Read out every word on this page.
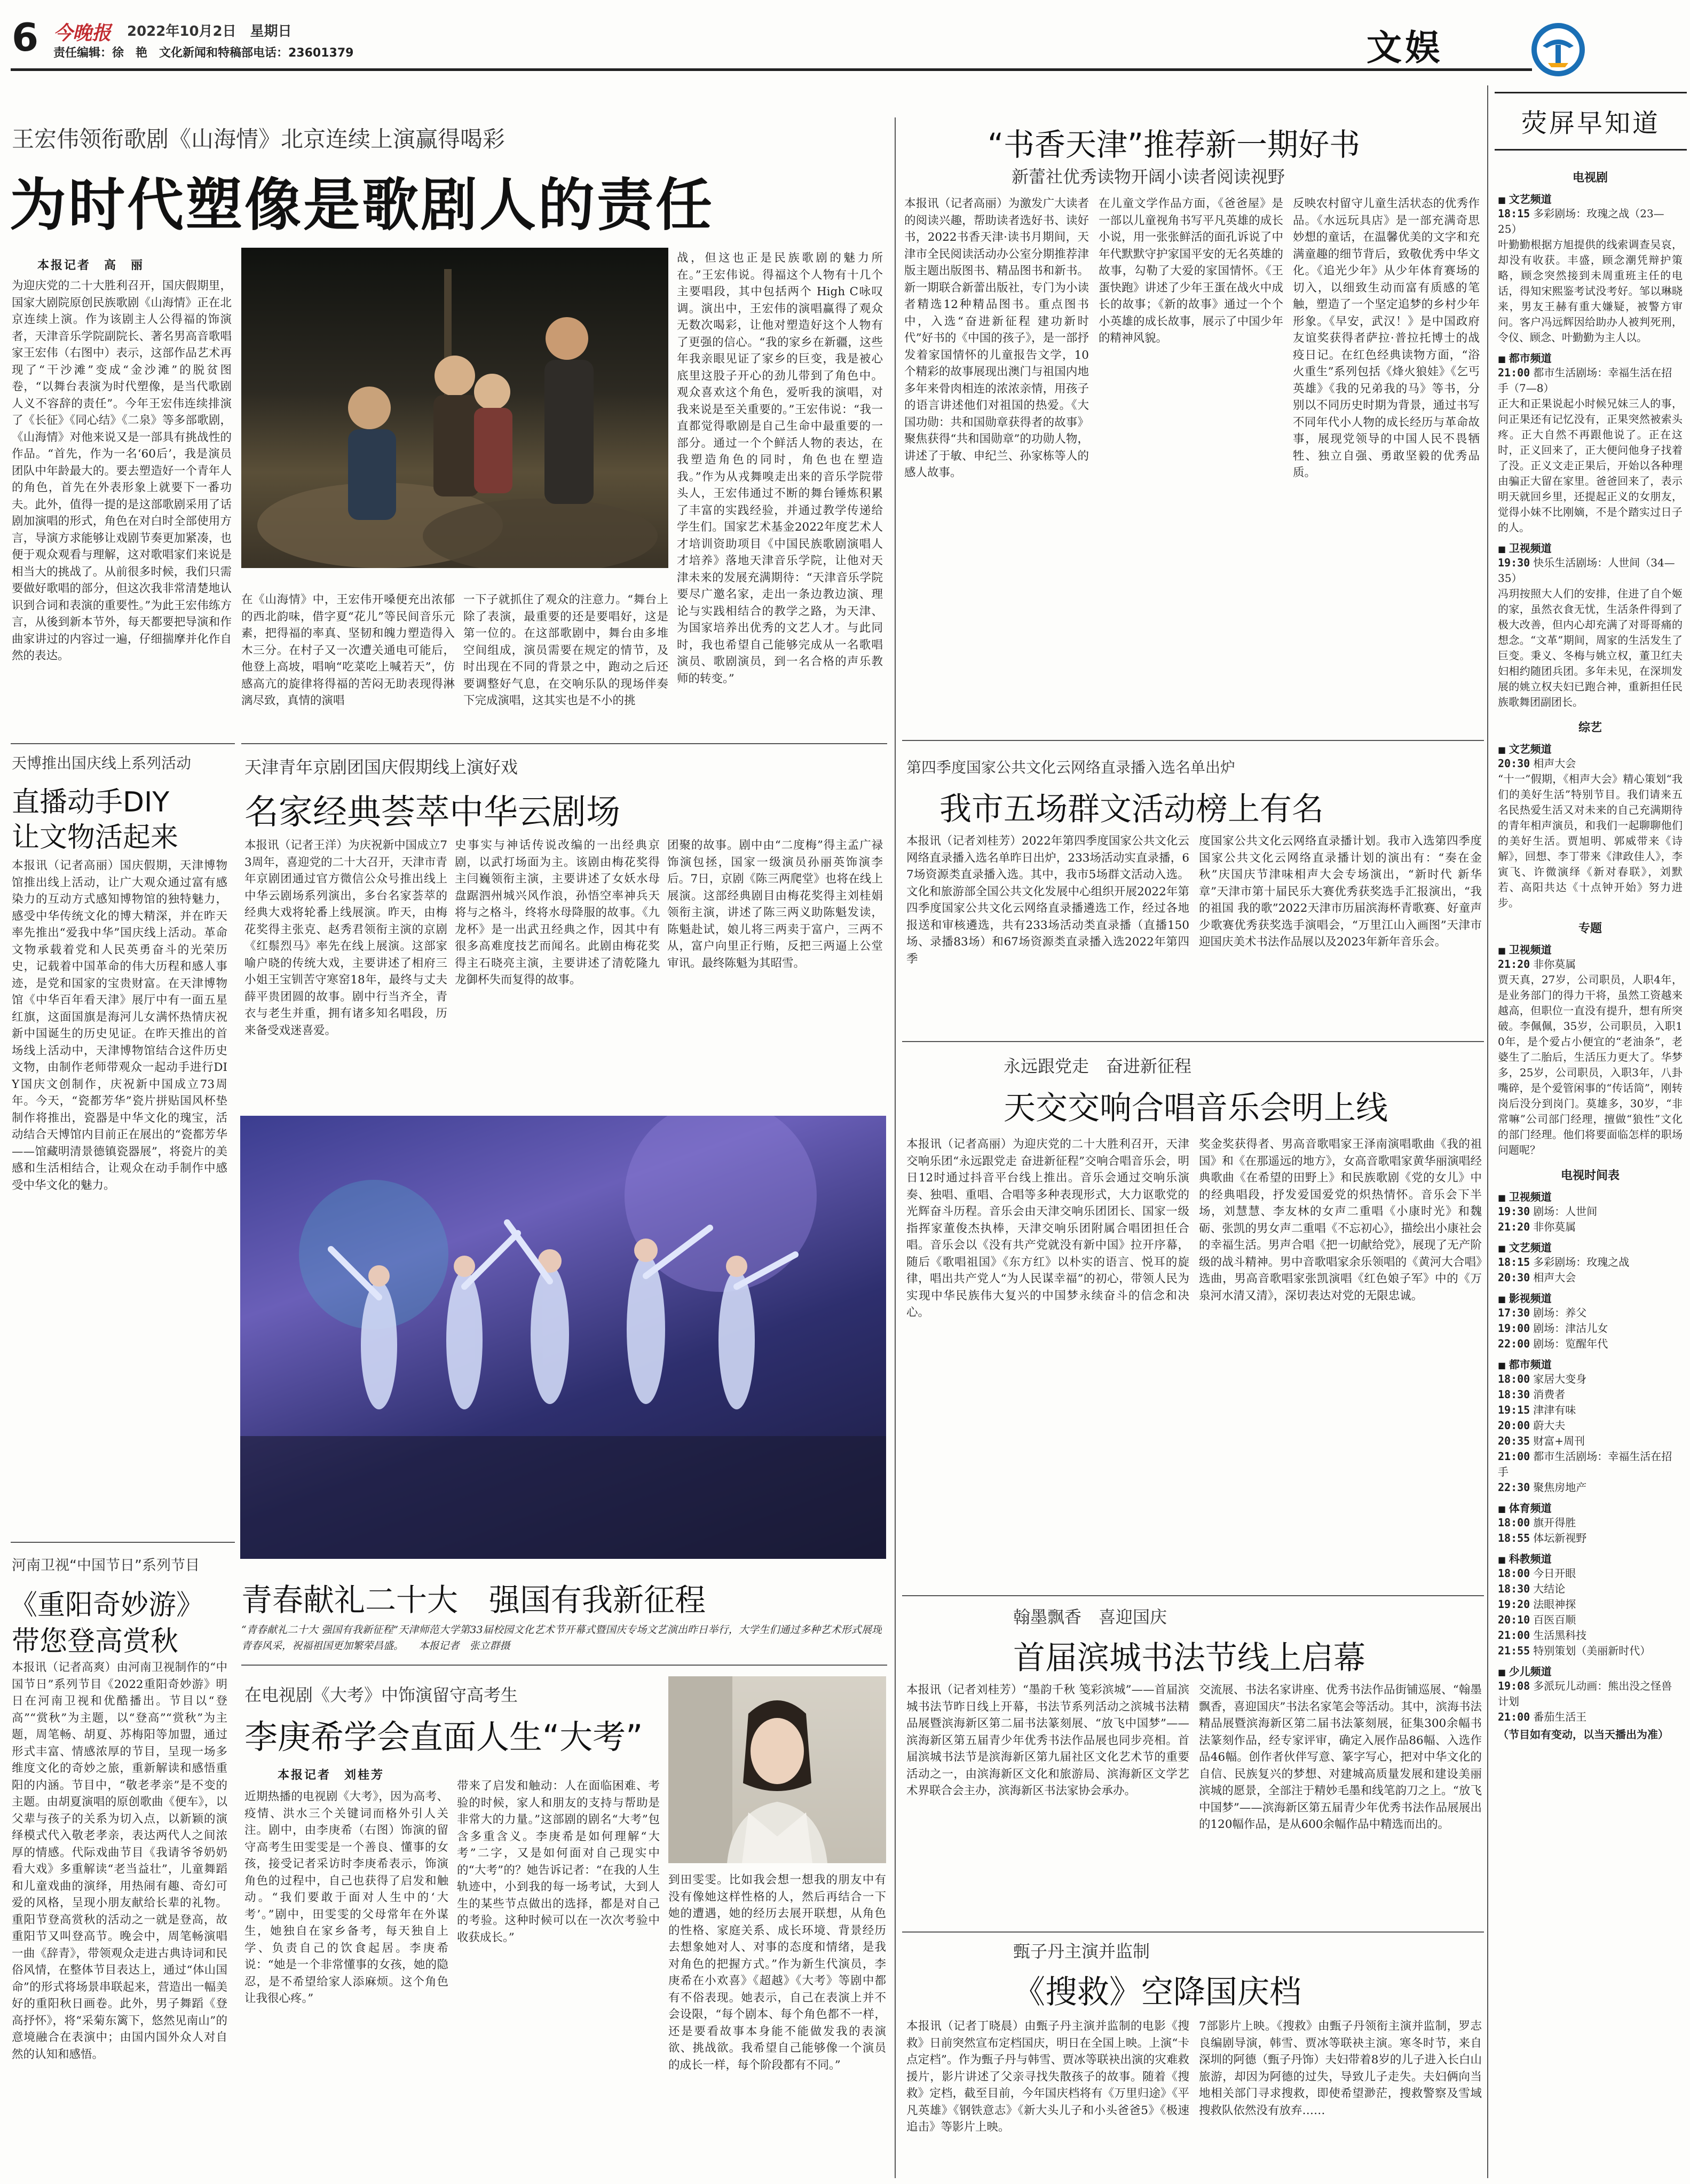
6 今晚报 2022年10月2日　星期日
责任编辑：徐　艳　文化新闻和特稿部电话：23601379	文娱
荧屏早知道
王宏伟领衔歌剧《山海情》北京连续上演赢得喝彩
为时代塑像是歌剧人的责任
本报记者　高　丽
为迎庆党的二十大胜利召开，国庆假期里，国家大剧院原创民族歌剧《山海情》正在北京连续上演。作为该剧主人公得福的饰演者，天津音乐学院副院长、著名男高音歌唱家王宏伟（右图中）表示，这部作品艺术再现了“干沙滩”变成“金沙滩”的脱贫图卷，“以舞台表演为时代塑像，是当代歌剧人义不容辞的责任”。今年王宏伟连续排演了《长征》《同心结》《二泉》等多部歌剧，《山海情》对他来说又是一部具有挑战性的作品。“首先，作为一名‘60后’，我是演员团队中年龄最大的。要去塑造好一个青年人的角色，首先在外表形象上就要下一番功夫。此外，值得一提的是这部歌剧采用了话剧加演唱的形式，角色在对白时全部使用方言，导演方求能够让戏剧节奏更加紧凑，也便于观众观看与理解，这对歌唱家们来说是相当大的挑战了。从前很多时候，我们只需要做好歌唱的部分，但这次我非常清楚地认识到合词和表演的重要性。”为此王宏伟练方言，从後到新本节外，每天都要把导演和作曲家讲过的内容过一遍，仔细揣摩并化作自然的表达。
在《山海情》中，王宏伟开嗓便充出浓郁的西北韵味，借字夏“花儿”等民间音乐元素，把得福的率真、坚韧和魄力塑造得入木三分。在村子又一次遭关通电可能后，他登上高坡，唱响“吃菜吃上喊若天”，仿感高亢的旋律将得福的苦闷无助表现得淋漓尽致，真情的演唱
一下子就抓住了观众的注意力。“舞台上除了表演，最重要的还是要唱好，这是第一位的。在这部歌剧中，舞台由多堆空间组成，演员需要在规定的情节，及时出现在不同的背景之中，跑动之后还要调整好气息，在交响乐队的现场伴奏下完成演唱，这其实也是不小的挑
战，但这也正是民族歌剧的魅力所在。”王宏伟说。得福这个人物有十几个主要唱段，其中包括两个 High C咏叹调。演出中，王宏伟的演唱赢得了观众无数次喝彩，让他对塑造好这个人物有了更强的信心。“我的家乡在新疆，这些年我亲眼见证了家乡的巨变，我是被心底里这股子开心的劲儿带到了角色中。观众喜欢这个角色，爱听我的演唱，对我来说是至关重要的。”王宏伟说：“我一直都觉得歌剧是自己生命中最重要的一部分。通过一个个鲜活人物的表达，在我塑造角色的同时，角色也在塑造我。”作为从戎舞嗅走出来的音乐学院带头人，王宏伟通过不断的舞台锤炼积累了丰富的实践经验，并通过教学传递给学生们。国家艺术基金2022年度艺术人才培训资助项目《中国民族歌剧演唱人才培养》落地天津音乐学院，让他对天津未来的发展充满期待：“天津音乐学院要尽广邀名家，走出一条边教边演、理论与实践相结合的教学之路，为天津、为国家培养出优秀的文艺人才。与此同时，我也希望自己能够完成从一名歌唱演员、歌剧演员，到一名合格的声乐教师的转变。”
“书香天津”推荐新一期好书
新蕾社优秀读物开阔小读者阅读视野
本报讯（记者高丽）为激发广大读者的阅读兴趣，帮助读者选好书、读好书，2022书香天津·读书月期间，天津市全民阅读活动办公室分期推荐津版主题出版图书、精品图书和新书。新一期联合新蕾出版社，专门为小读者精选12种精品图书。重点图书中，入选“奋进新征程 建功新时代”好书的《中国的孩子》，是一部抒发着家国情怀的儿童报告文学，10个精彩的故事展现出澳门与祖国内地多年来骨肉相连的浓浓亲情，用孩子的语言讲述他们对祖国的热爱。《大国功勋：共和国勋章获得者的故事》聚焦获得“共和国勋章”的功勋人物，讲述了于敏、申纪兰、孙家栋等人的感人故事。
在儿童文学作品方面，《爸爸屋》是一部以儿童视角书写平凡英雄的成长小说，用一张张鲜活的面孔诉说了中年代默默守护家国平安的无名英雄的故事，勾勒了大爱的家国情怀。《王蛋快跑》讲述了少年王蛋在战火中成长的故事；《新的故事》通过一个个小英雄的成长故事，展示了中国少年的精神风貌。
反映农村留守儿童生活状态的优秀作品。《水远玩具店》是一部充满奇思妙想的童话，在温馨优美的文字和充满童趣的细节背后，致敬优秀中华文化。《追光少年》从少年体育赛场的切入，以细致生动而富有质感的笔触，塑造了一个坚定追梦的乡村少年形象。《早安，武汉！》是中国政府友谊奖获得者萨拉·普拉托博士的战疫日记。在红色经典读物方面，“浴火重生”系列包括《烽火狼娃》《乞丐英雄》《我的兄弟我的马》等书，分别以不同历史时期为背景，通过书写不同年代小人物的成长经历与革命故事，展现党领导的中国人民不畏牺牲、独立自强、勇敢坚毅的优秀品质。
天博推出国庆线上系列活动
直播动手DIY
让文物活起来
本报讯（记者高丽）国庆假期，天津博物馆推出线上活动，让广大观众通过富有感染力的互动方式感知博物馆的独特魅力，感受中华传统文化的博大精深，并在昨天率先推出“爱我中华”国庆线上活动。革命文物承载着党和人民英勇奋斗的光荣历史，记载着中国革命的伟大历程和感人事迹，是党和国家的宝贵财富。在天津博物馆《中华百年看天津》展厅中有一面五星红旗，这面国旗是海河儿女满怀热情庆祝新中国诞生的历史见证。在昨天推出的首场线上活动中，天津博物馆结合这件历史文物，由制作老师带观众一起动手进行DIY国庆文创制作，庆祝新中国成立73周年。今天，“瓷都芳华”瓷片拼贴国风杯垫制作将推出，瓷器是中华文化的瑰宝，活动结合天博馆内目前正在展出的“瓷都芳华——馆藏明清景德镇瓷器展”，将瓷片的美感和生活相结合，让观众在动手制作中感受中华文化的魅力。
天津青年京剧团国庆假期线上演好戏
名家经典荟萃中华云剧场
本报讯（记者王洋）为庆祝新中国成立73周年，喜迎党的二十大召开，天津市青年京剧团通过官方微信公众号推出线上中华云剧场系列演出，多台名家荟萃的经典大戏将轮番上线展演。昨天，由梅花奖得主张克、赵秀君领衔主演的京剧《红鬃烈马》率先在线上展演。这部家喻户晓的传统大戏，主要讲述了相府三小姐王宝钏苦守寒窑18年，最终与丈夫薛平贵团圆的故事。剧中行当齐全，青衣与老生并重，拥有诸多知名唱段，历来备受戏迷喜爱。
史事实与神话传说改编的一出经典京剧，以武打场面为主。该剧由梅花奖得主闫巍领衔主演，主要讲述了女妖水母盘踞泗州城兴风作浪，孙悟空率神兵天将与之格斗，终将水母降服的故事。《九龙杯》是一出武丑经典之作，因其中有很多高难度技艺而闻名。此剧由梅花奖得主石晓亮主演，主要讲述了清乾隆九龙御杯失而复得的故事。
团聚的故事。剧中由“二度梅”得主孟广禄饰演包拯，国家一级演员孙丽英饰演李后。7日，京剧《陈三两爬堂》也将在线上展演。这部经典剧目由梅花奖得主刘桂娟领衔主演，讲述了陈三两义助陈魁发读，陈魁赴试，娘儿将三两卖于富户，三两不从，富户向里正行贿，反把三两逼上公堂审讯。最终陈魁为其昭雪。
青春献礼二十大　强国有我新征程
“青春献礼二十大 强国有我新征程”天津师范大学第33届校园文化艺术节开幕式暨国庆专场文艺演出昨日举行，大学生们通过多种艺术形式展现青春风采，祝福祖国更加繁荣昌盛。　　本报记者　张立群摄
第四季度国家公共文化云网络直录播入选名单出炉
我市五场群文活动榜上有名
本报讯（记者刘桂芳）2022年第四季度国家公共文化云网络直录播入选名单昨日出炉，233场活动实直录播，67场资源类直录播入选。其中，我市5场群文活动入选。文化和旅游部全国公共文化发展中心组织开展2022年第四季度国家公共文化云网络直录播遴选工作，经过各地报送和审核遴选，共有233场活动类直录播（直播150场、录播83场）和67场资源类直录播入选2022年第四季
度国家公共文化云网络直录播计划。我市入选第四季度国家公共文化云网络直录播计划的演出有：“奏在金秋”庆国庆节津味相声大会专场演出，“新时代 新华章”天津市第十届民乐大赛优秀获奖选手汇报演出，“我的祖国 我的歌”2022天津市历届滨海杯青歌赛、好童声少歌赛优秀获奖选手演唱会，“万里江山入画图”天津市迎国庆美术书法作品展以及2023年新年音乐会。
永远跟党走　奋进新征程
天交交响合唱音乐会明上线
本报讯（记者高丽）为迎庆党的二十大胜利召开，天津交响乐团“永远跟党走 奋进新征程”交响合唱音乐会，明日12时通过抖音平台线上推出。音乐会通过交响乐演奏、独唱、重唱、合唱等多种表现形式，大力讴歌党的光辉奋斗历程。音乐会由天津交响乐团团长、国家一级指挥家董俊杰执棒，天津交响乐团附属合唱团担任合唱。音乐会以《没有共产党就没有新中国》拉开序幕，随后《歌唱祖国》《东方红》以朴实的语言、悦耳的旋律，唱出共产党人“为人民谋幸福”的初心，带领人民为实现中华民族伟大复兴的中国梦永续奋斗的信念和决心。
奖金奖获得者、男高音歌唱家王泽南演唱歌曲《我的祖国》和《在那遥远的地方》，女高音歌唱家黄华丽演唱经典歌曲《在希望的田野上》和民族歌剧《党的女儿》中的经典唱段，抒发爱国爱党的炽热情怀。音乐会下半场，刘慧慧、李友林的女声二重唱《小康时光》和魏砺、张凯的男女声二重唱《不忘初心》，描绘出小康社会的幸福生活。男声合唱《把一切献给党》，展现了无产阶级的战斗精神。男中音歌唱家余乐领唱的《黄河大合唱》选曲，男高音歌唱家张凯演唱《红色娘子军》中的《万泉河水清又清》，深切表达对党的无限忠诚。
在电视剧《大考》中饰演留守高考生
李庚希学会直面人生“大考”
本报记者　刘桂芳
近期热播的电视剧《大考》，因为高考、疫情、洪水三个关键词而格外引人关注。剧中，由李庚希（右图）饰演的留守高考生田雯雯是一个善良、懂事的女孩，接受记者采访时李庚希表示，饰演角色的过程中，自己也获得了启发和触动。“我们要敢于面对人生中的‘大考’。”剧中，田雯雯的父母常年在外谋生，她独自在家乡备考，每天独自上学、负责自己的饮食起居。李庚希说：“她是一个非常懂事的女孩，她的隐忍，是不希望给家人添麻烦。这个角色让我很心疼。”
带来了启发和触动：人在面临困难、考验的时候，家人和朋友的支持与帮助是非常大的力量。”这部剧的剧名“大考”包含多重含义。李庚希是如何理解“大考”二字，又是如何面对自己现实中的“大考”的？她告诉记者：“在我的人生轨迹中，小到我的每一场考试，大到人生的某些节点做出的选择，都是对自己的考验。这种时候可以在一次次考验中收获成长。”
到田雯雯。比如我会想一想我的朋友中有没有像她这样性格的人，然后再结合一下她的遭遇，她的经历去展开联想，从角色的性格、家庭关系、成长环境、背景经历去想象她对人、对事的态度和情绪，是我对角色的把握方式。”作为新生代演员，李庚希在小欢喜》《超越》《大考》等剧中都有不俗表现。她表示，自己在表演上并不会设限，“每个剧本、每个角色都不一样，还是要看故事本身能不能做发我的表演欲、挑战欲。我希望自己能够像一个演员的成长一样，每个阶段都有不同。”
翰墨飘香　喜迎国庆
首届滨城书法节线上启幕
本报讯（记者刘桂芳）“墨韵千秋 笺彩滨城”——首届滨城书法节昨日线上开幕，书法节系列活动之滨城书法精品展暨滨海新区第二届书法篆刻展、“放飞中国梦”——滨海新区第五届青少年优秀书法作品展也同步亮相。首届滨城书法节是滨海新区第九届社区文化艺术节的重要活动之一，由滨海新区文化和旅游局、滨海新区文学艺术界联合会主办，滨海新区书法家协会承办。
交流展、书法名家讲座、优秀书法作品街铺巡展、“翰墨飘香，喜迎国庆”书法名家笔会等活动。其中，滨海书法精品展暨滨海新区第二届书法篆刻展，征集300余幅书法篆刻作品，经专家评审，确定入展作品86幅、入选作品46幅。创作者伙伴写意、篆字写心，把对中华文化的自信、民族复兴的梦想、对建城高质量发展和建设美丽滨城的愿景，全部注于精妙毛墨和线笔韵刀之上。“放飞中国梦”——滨海新区第五届青少年优秀书法作品展展出的120幅作品，是从600余幅作品中精选而出的。
甄子丹主演并监制
《搜救》空降国庆档
本报讯（记者丁晓晨）由甄子丹主演并监制的电影《搜救》日前突然宣布定档国庆，明日在全国上映。上演“卡点定档”。作为甄子丹与韩雪、贾冰等联袂出演的灾难救援片，影片讲述了父亲寻找失散孩子的故事。随着《搜救》定档，截至目前，今年国庆档将有《万里归途》《平凡英雄》《钢铁意志》《新大头儿子和小头爸爸5》《极速追击》等影片上映。
7部影片上映。《搜救》由甄子丹领衔主演并监制，罗志良编剧导演，韩雪、贾冰等联袂主演。寒冬时节，来自深圳的阿德（甄子丹饰）夫妇带着8岁的儿子进入长白山旅游，却因为阿德的过失，导致儿子走失。夫妇俩向当地相关部门寻求搜救，即使希望渺茫，搜救警察及雪域搜救队依然没有放弃……
河南卫视“中国节日”系列节目
《重阳奇妙游》
带您登高赏秋
本报讯（记者高爽）由河南卫视制作的“中国节日”系列节目《2022重阳奇妙游》明日在河南卫视和优酷播出。节目以“登高”“赏秋”为主题，以“登高”“赏秋”为主题，周笔畅、胡夏、苏梅阳等加盟，通过形式丰富、情感浓厚的节目，呈现一场多维度文化的奇妙之旅，重新解读和感悟重阳的内涵。节目中，“敬老孝亲”是不变的主题。由胡夏演唱的原创歌曲《便车》，以父辈与孩子的关系为切入点，以新颖的演绎模式代入敬老孝亲，表达两代人之间浓厚的情感。代际戏曲节目《我请爷爷奶奶看大戏》多重解读“老当益壮”，儿童舞蹈和儿童戏曲的演绎，用热闹有趣、奇幻可爱的风格，呈现小朋友献给长辈的礼物。重阳节登高赏秋的活动之一就是登高，故重阳节又叫登高节。晚会中，周笔畅演唱一曲《辞青》，带领观众走进古典诗词和民俗风情，在整体节目表达上，通过“体山国命”的形式将场景串联起来，营造出一幅美好的重阳秋日画卷。此外，男子舞蹈《登高抒怀》，将“采菊东篱下，悠然见南山”的意境融合在表演中；由国内国外众人对自然的认知和感悟。
电视剧
■ 文艺频道
18:15 多彩剧场：玫瑰之战（23—25）
叶勤勤根据方旭提供的线索调查吴哀，却没有收获。丰盛，顾念潮凭辩护策略，顾念突然接到未周重班主任的电话，得知宋熙鉴考试没考好。邹以琳晓来，男友王赫有重大嫌疑，被警方审问。客户冯远辉因给助办人被判死刑，令仪、顾念、叶勤勤为主人以。
■ 都市频道
21:00 都市生活剧场：幸福生活在招手（7—8）
正大和正果说起小时候兄妹三人的事，问正果还有记忆没有，正果突然被索头疼。正大自然不再跟他说了。正在这时，正义回来了，正大便问他身子找着了没。正义文走正果后，开始以各种理由骗正大留在家里。爸爸回来了，表示明天就回乡里，还提起正义的女朋友，觉得小妹不比刚嫡，不是个踏实过日子的人。
■ 卫视频道
19:30 快乐生活剧场：人世间（34—35）
冯玥按照大人们的安排，住进了自个姬的家，虽然衣食无忧，生活条件得到了极大改善，但内心却充满了对哥哥痛的想念。“文革”期间，周家的生活发生了巨变。秉义、冬梅与姚立权，董卫红夫妇相约随团兵团。多年未见，在深圳发展的姚立权夫妇已跑合神，重新担任民族歌舞团副团长。
综艺
■ 文艺频道
20:30 相声大会
“十一”假期，《相声大会》精心策划“我们的美好生活”特别节目。我们请来五名民热爱生活又对未来的自己充满期待的青年相声演员，和我们一起聊聊他们的美好生活。贾旭明、郭威带来《诗解》，回想、李丁带来《津政佳人》，李寅飞、许微演绎《新对春联》，刘默若、高阳共达《十点钟开始》努力进步。
专题
■ 卫视频道
21:20 非你莫属
贾天真，27岁，公司职员，人职4年，是业务部门的得力干将，虽然工资越来越高，但职位一直没有提升，想有所突破。李佩佩，35岁，公司职员，入职10年，是个爱占小便宜的“老油条”，老婆生了二胎后，生活压力更大了。华梦多，25岁，公司职员，入职3年，八卦嘴碎，是个爱管闲事的“传话筒”，刚转岗后没分到岗门。莫雄多，30岁，“非常嘛”公司部门经理，擅做“狼性”文化的部门经理。他们将要面临怎样的职场问题呢？
电视时间表
■ 卫视频道
19:30 剧场：人世间
21:20 非你莫属
■ 文艺频道
18:15 多彩剧场：玫瑰之战
20:30 相声大会
■ 影视频道
17:30 剧场：养父
19:00 剧场：津沽儿女
22:00 剧场：览醒年代
■ 都市频道
18:00 家居大变身
18:30 消费者
19:15 津津有味
20:00 蔚大夫
20:35 财富+周刊
21:00 都市生活剧场：幸福生活在招手
22:30 聚焦房地产
■ 体育频道
18:00 旗开得胜
18:55 体坛新视野
■ 科教频道
18:00 今日开眼
18:30 大结论
19:20 法眼神探
20:10 百医百顺
21:00 生活黑科技
21:55 特别策划（美丽新时代）
■ 少儿频道
19:08 多派玩儿动画：熊出没之怪兽计划
21:00 番茄生活王
（节目如有变动，以当天播出为准）
